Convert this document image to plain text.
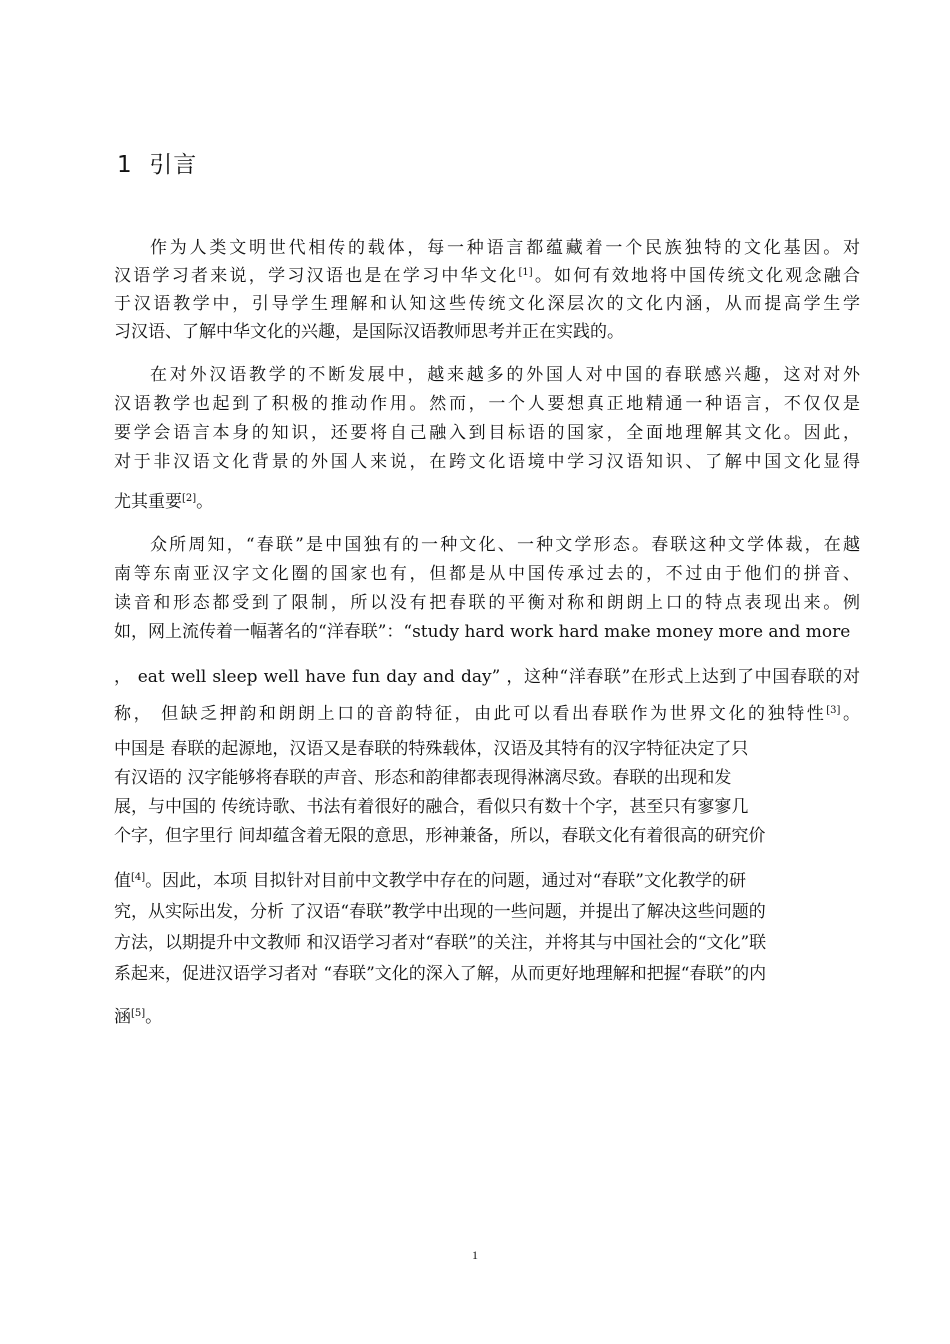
1  引言
作为人类文明世代相传的载体，每一种语言都蕴藏着一个民族独特的文化基因。对
汉语学习者来说，学习汉语也是在学习中华文化[1]。如何有效地将中国传统文化观念融合
于汉语教学中，引导学生理解和认知这些传统文化深层次的文化内涵，从而提高学生学
习汉语、了解中华文化的兴趣，是国际汉语教师思考并正在实践的。
在对外汉语教学的不断发展中，越来越多的外国人对中国的春联感兴趣，这对对外
汉语教学也起到了积极的推动作用。然而，一个人要想真正地精通一种语言，不仅仅是
要学会语言本身的知识，还要将自己融入到目标语的国家，全面地理解其文化。因此，
对于非汉语文化背景的外国人来说，在跨文化语境中学习汉语知识、了解中国文化显得
尤其重要[2]。
众所周知，“春联”是中国独有的一种文化、一种文学形态。春联这种文学体裁，在越
南等东南亚汉字文化圈的国家也有，但都是从中国传承过去的，不过由于他们的拼音、
读音和形态都受到了限制，所以没有把春联的平衡对称和朗朗上口的特点表现出来。例
如，网上流传着一幅著名的“洋春联”：“study hard work hard make money more and more
， eat well sleep well have fun day and day” ，这种“洋春联”在形式上达到了中国春联的对
称， 但缺乏押韵和朗朗上口的音韵特征，由此可以看出春联作为世界文化的独特性[3]。
中国是 春联的起源地，汉语又是春联的特殊载体，汉语及其特有的汉字特征决定了只
有汉语的 汉字能够将春联的声音、形态和韵律都表现得淋漓尽致。春联的出现和发
展，与中国的 传统诗歌、书法有着很好的融合，看似只有数十个字，甚至只有寥寥几
个字，但字里行 间却蕴含着无限的意思，形神兼备，所以，春联文化有着很高的研究价
值[4]。因此，本项 目拟针对目前中文教学中存在的问题，通过对“春联”文化教学的研
究，从实际出发，分析 了汉语“春联”教学中出现的一些问题，并提出了解决这些问题的
方法，以期提升中文教师 和汉语学习者对“春联”的关注，并将其与中国社会的“文化”联
系起来，促进汉语学习者对 “春联”文化的深入了解，从而更好地理解和把握“春联”的内
涵[5]。
1
